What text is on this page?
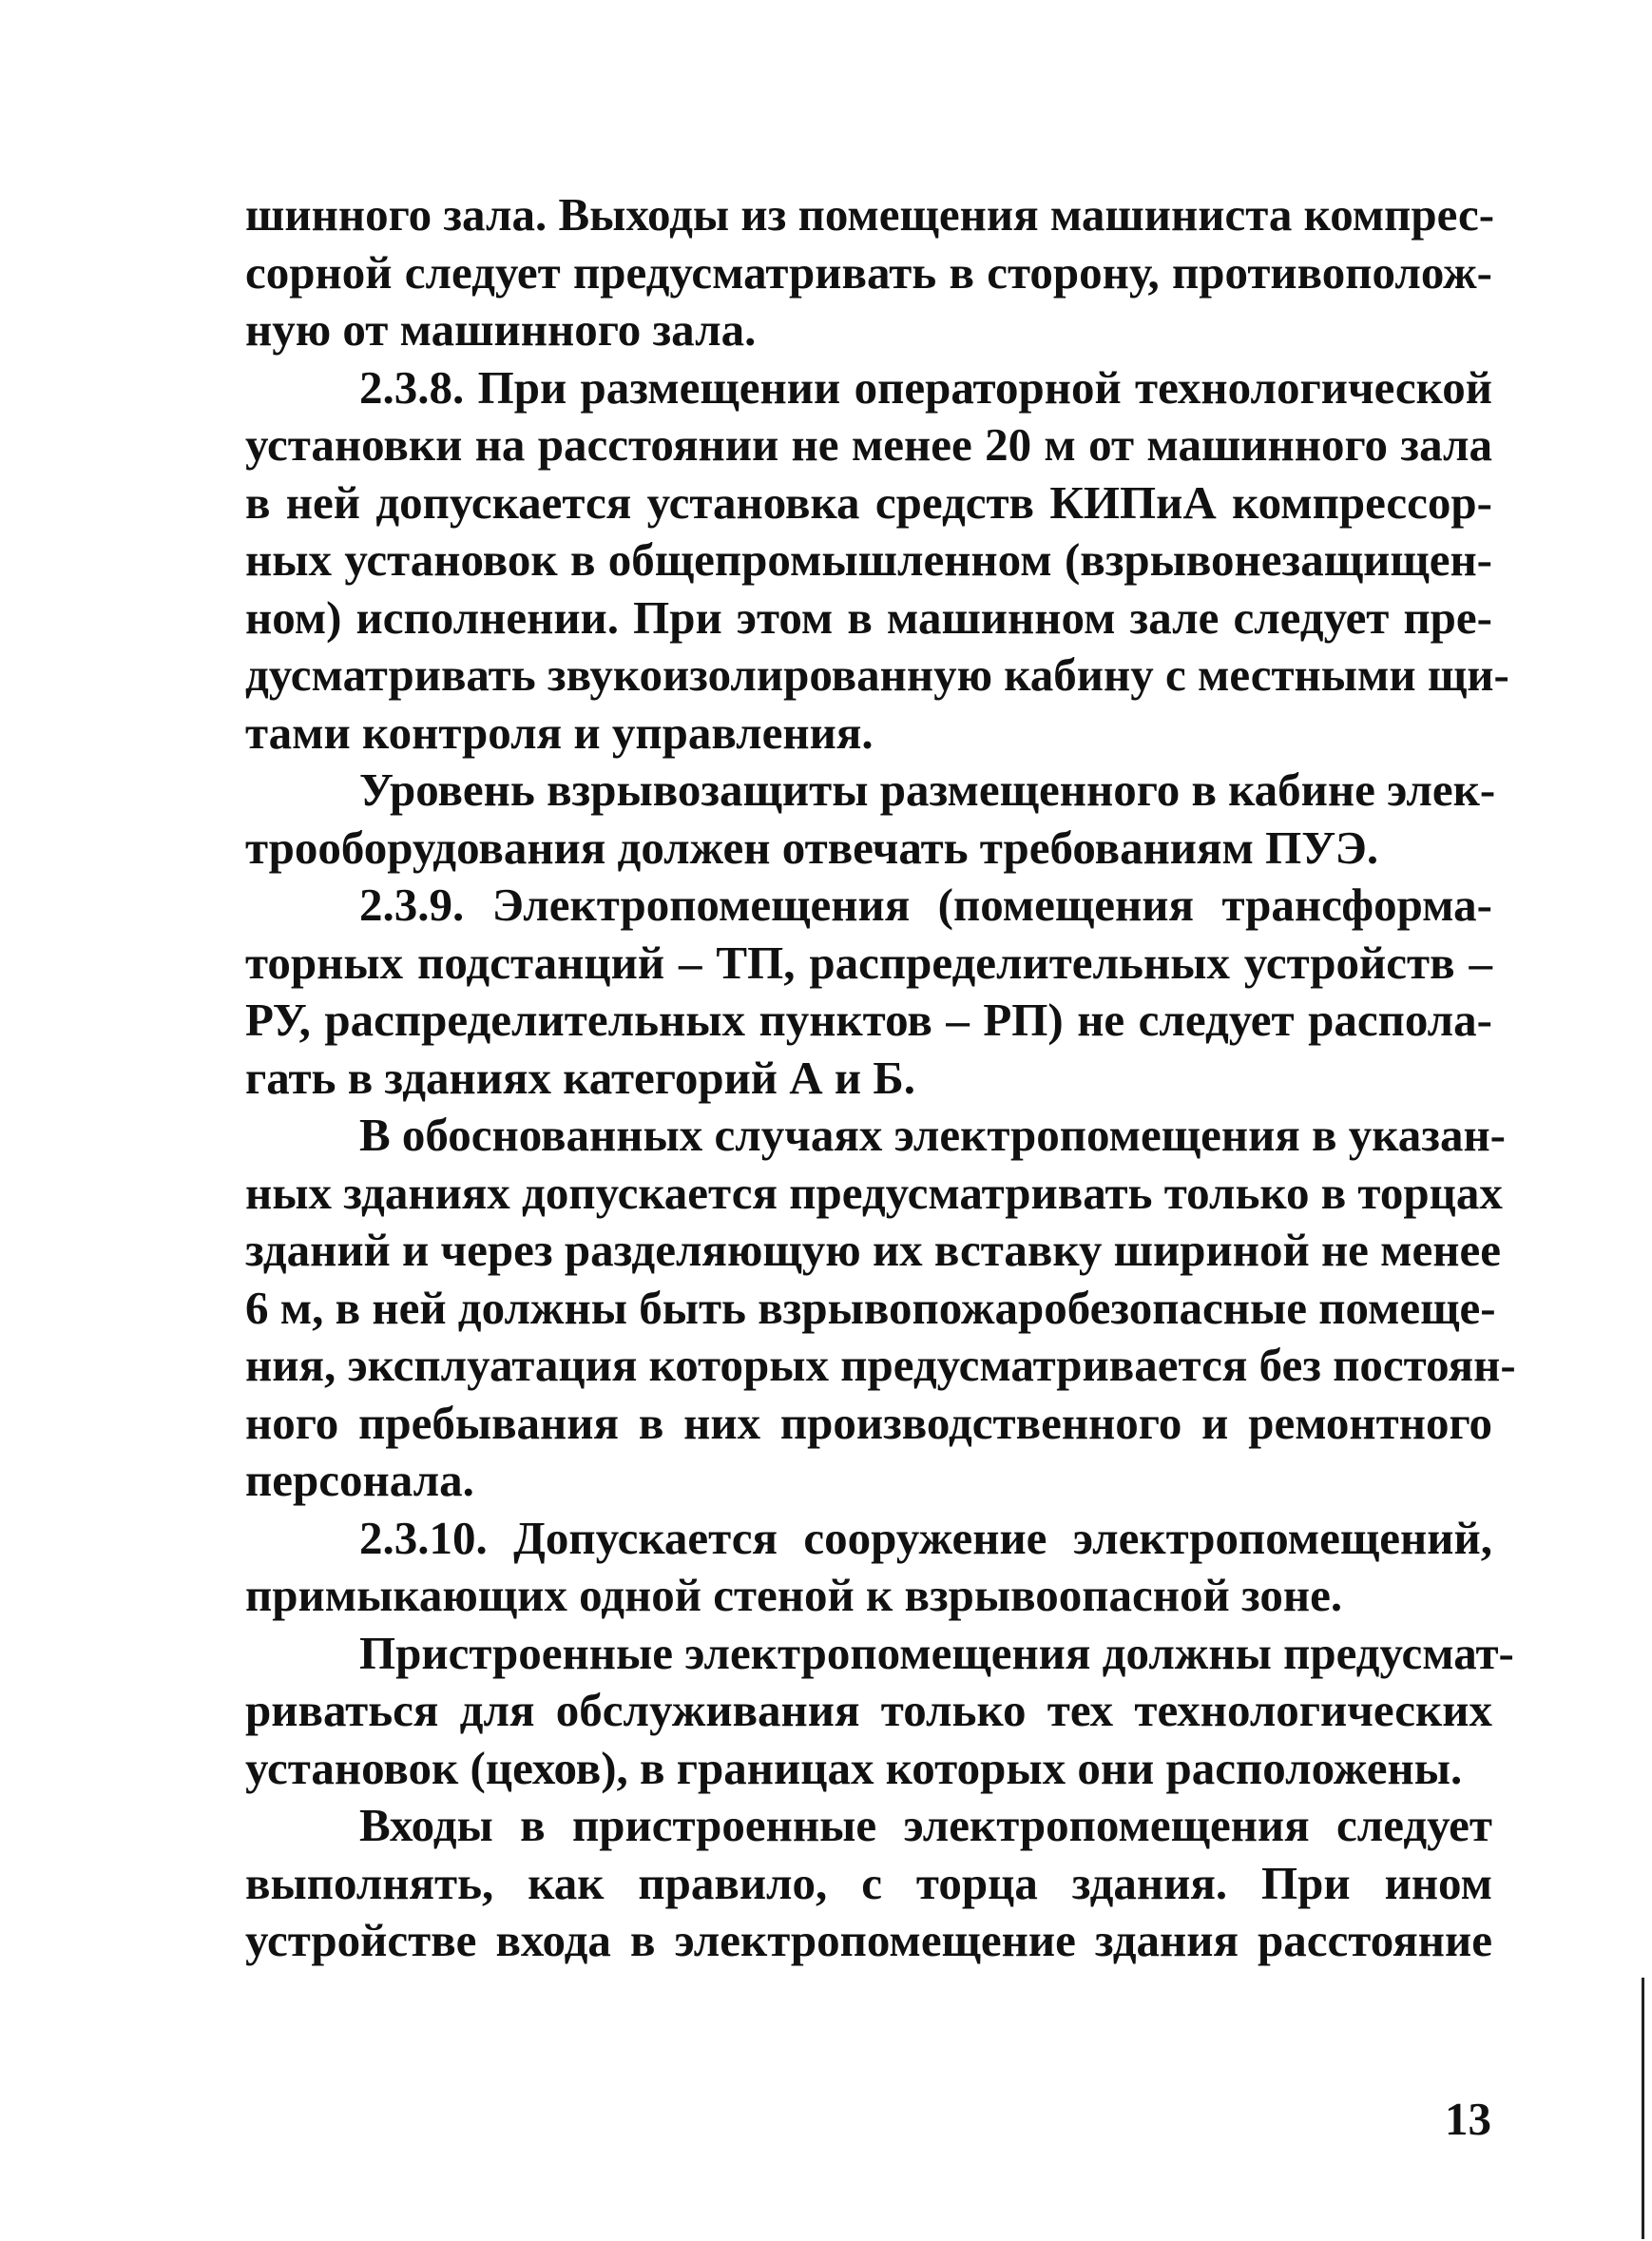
шинного зала. Выходы из помещения машиниста компрес-
сорной следует предусматривать в сторону, противополож-
ную от машинного зала.
2.3.8. При размещении операторной технологической
установки на расстоянии не менее 20 м от машинного зала
в ней допускается установка средств КИПиА компрессор-
ных установок в общепромышленном (взрывонезащищен-
ном) исполнении. При этом в машинном зале следует пре-
дусматривать звукоизолированную кабину с местными щи-
тами контроля и управления.
Уровень взрывозащиты размещенного в кабине элек-
трооборудования должен отвечать требованиям ПУЭ.
2.3.9. Электропомещения (помещения трансформа-
торных подстанций – ТП, распределительных устройств –
РУ, распределительных пунктов – РП) не следует распола-
гать в зданиях категорий А и Б.
В обоснованных случаях электропомещения в указан-
ных зданиях допускается предусматривать только в торцах
зданий и через разделяющую их вставку шириной не менее
6 м, в ней должны быть взрывопожаробезопасные помеще-
ния, эксплуатация которых предусматривается без постоян-
ного пребывания в них производственного и ремонтного
персонала.
2.3.10. Допускается сооружение электропомещений,
примыкающих одной стеной к взрывоопасной зоне.
Пристроенные электропомещения должны предусмат-
риваться для обслуживания только тех технологических
установок (цехов), в границах которых они расположены.
Входы в пристроенные электропомещения следует
выполнять, как правило, с торца здания. При ином
устройстве входа в электропомещение здания расстояние
13
